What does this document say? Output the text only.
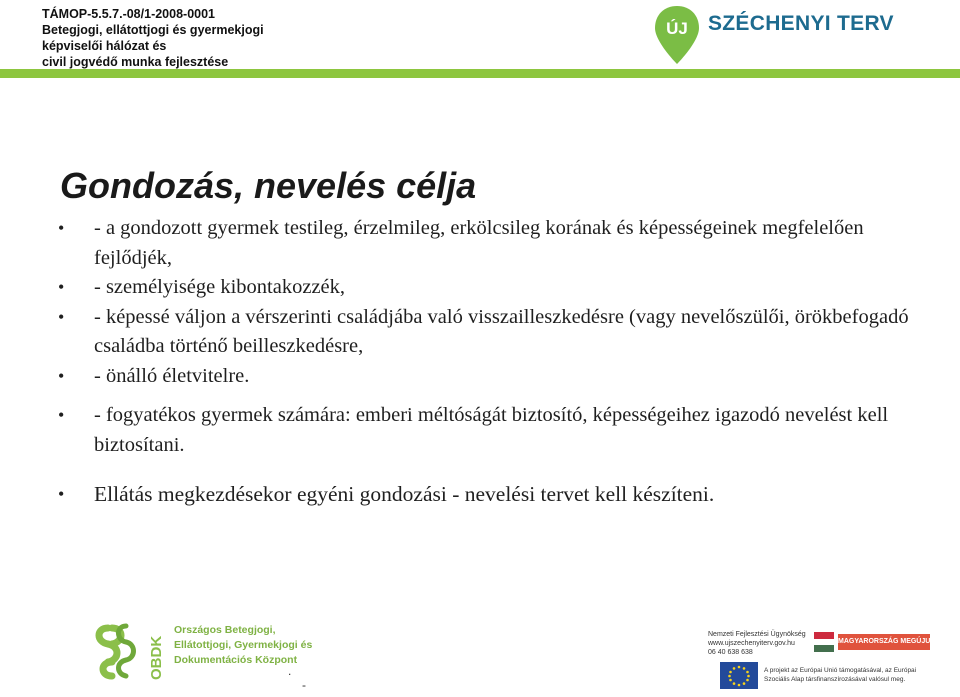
TÁMOP-5.5.7.-08/1-2008-0001
Betegjogi, ellátottjogi és gyermekjogi
képviselői hálózat és
civil jogvédő munka fejlesztése
ÚJ SZÉCHENYI TERV
Gondozás, nevelés célja
• - a gondozott gyermek testileg, érzelmileg, erkölcsileg korának és képességeinek megfelelően fejlődjék,
• - személyisége kibontakozzék,
• - képessé váljon a vérszerinti családjába való visszailleszkedésre (vagy nevelőszülői, örökbefogadó családba történő beilleszkedésre,
• - önálló életvitelre.
• - fogyatékos gyermek számára: emberi méltóságát biztosító, képességeihez igazodó nevelést kell biztosítani.
• Ellátás megkezdésekor egyéni gondozási - nevelési tervet kell készíteni.
OBDK
Országos Betegjogi,
Ellátottjogi, Gyermekjogi és
Dokumentációs Központ
.
-
Nemzeti Fejlesztési Ügynökség
www.ujszechenyiterv.gov.hu
06 40 638 638
MAGYARORSZÁG MEGÚJUL
A projekt az Európai Unió támogatásával, az Európai
Szociális Alap társfinanszírozásával valósul meg.
